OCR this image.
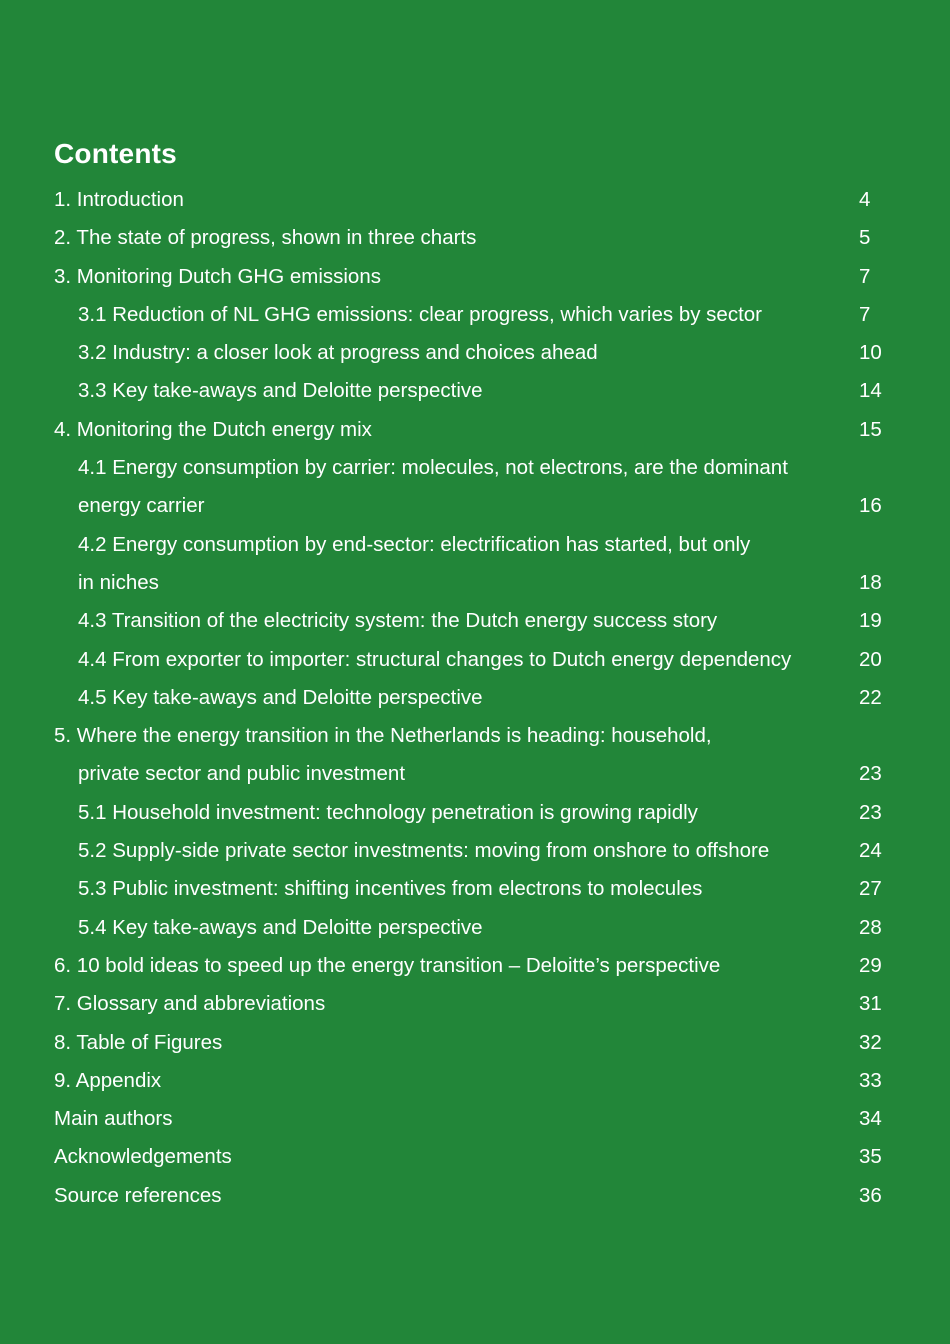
Contents
1. Introduction	4
2. The state of progress, shown in three charts	5
3. Monitoring Dutch GHG emissions	7
3.1 Reduction of NL GHG emissions: clear progress, which varies by sector	7
3.2 Industry: a closer look at progress and choices ahead	10
3.3 Key take-aways and Deloitte perspective	14
4. Monitoring the Dutch energy mix	15
4.1 Energy consumption by carrier: molecules, not electrons, are the dominant
energy carrier	16
4.2 Energy consumption by end-sector: electrification has started, but only
in niches	18
4.3 Transition of the electricity system: the Dutch energy success story	19
4.4 From exporter to importer: structural changes to Dutch energy dependency	20
4.5 Key take-aways and Deloitte perspective	22
5. Where the energy transition in the Netherlands is heading: household,
private sector and public investment	23
5.1 Household investment: technology penetration is growing rapidly	23
5.2 Supply-side private sector investments: moving from onshore to offshore	24
5.3 Public investment: shifting incentives from electrons to molecules	27
5.4 Key take-aways and Deloitte perspective	28
6. 10 bold ideas to speed up the energy transition – Deloitte’s perspective	29
7. Glossary and abbreviations	31
8. Table of Figures	32
9. Appendix	33
Main authors	34
Acknowledgements	35
Source references	36
